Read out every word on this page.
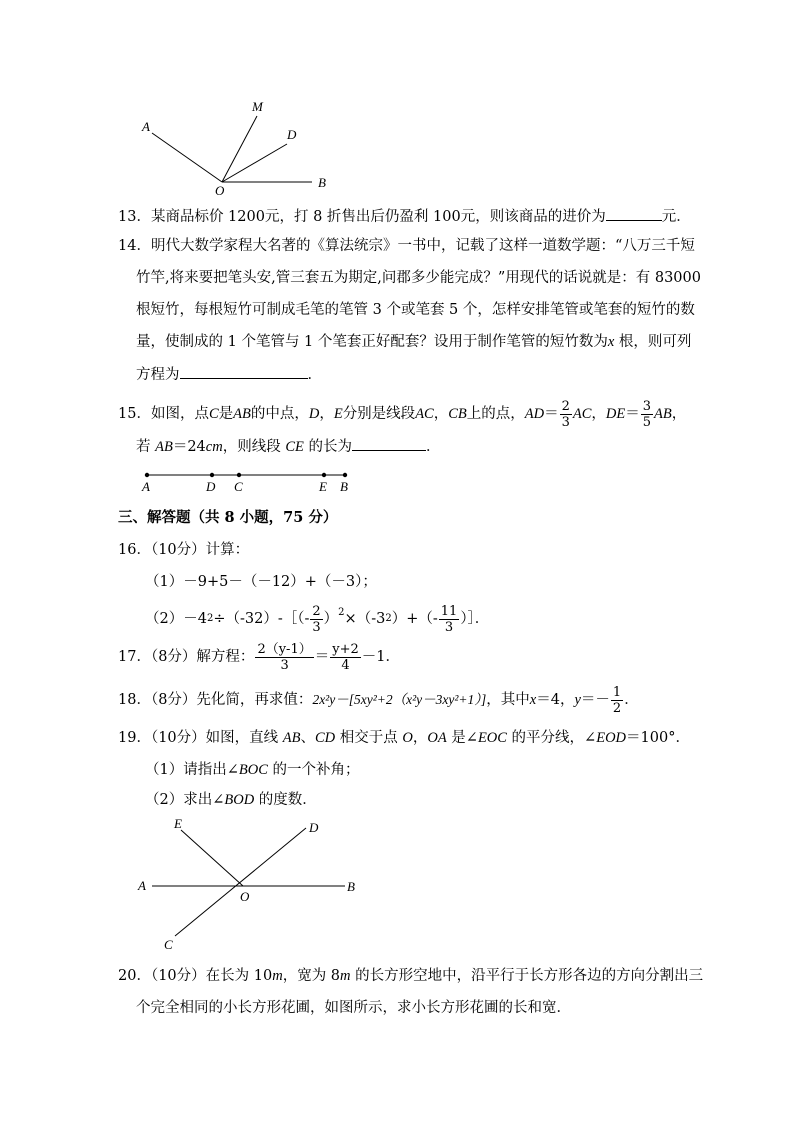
A
M
D
O
B
13．某商品标价 1200元，打 8 折售出后仍盈利 100元，则该商品的进价为	元．
14．明代大数学家程大名著的《算法统宗》一书中，记载了这样一道数学题：“八万三千短
竹竿,将来要把笔头安,管三套五为期定,问郡多少能完成？”用现代的话说就是：有 83000
根短竹，每根短竹可制成毛笔的笔管 3 个或笔套 5 个，怎样安排笔管或笔套的短竹的数
量，使制成的 1 个笔管与 1 个笔套正好配套？设用于制作笔管的短竹数为x 根，则可列
方程为	．
15．如图，点 C 是 AB 的中点， D ， E 分别是线段 AC ， CB 上的点， AD ＝ $\frac{2}{3}$ AC ， DE ＝ $\frac{3}{5}$ AB ，
若 AB＝24cm，则线段 CE 的长为	．
A	D C	E B
三、解答题（共 8 小题，75 分）
16．（10分）计算：
（1）－9+5－（－12）+（－3）；
（2）－4 2 ÷（-32）-［（- $\frac{2}{3} )^2 \times(-3$ 2 ）+（- $\frac{11}{3}$ ）］．
17．（8分）解方程： $\frac{2(y-1)}{3} = \frac{y+2}{4} -1$．
18．（8分）先化简，再求值： 2x²y－[5xy²+2（x²y－3xy²+1）] ，其中 x ＝4， $y =- \frac{1}{2}$ ．
19．（10分）如图，直线 AB、CD 相交于点 O，OA 是∠EOC 的平分线，∠EOD＝100°．
（1）请指出∠BOC 的一个补角；
（2）求出∠BOD 的度数．
E	D
A
O
B
C
20．（10分）在长为 10m，宽为 8m 的长方形空地中，沿平行于长方形各边的方向分割出三
个完全相同的小长方形花圃，如图所示，求小长方形花圃的长和宽．
